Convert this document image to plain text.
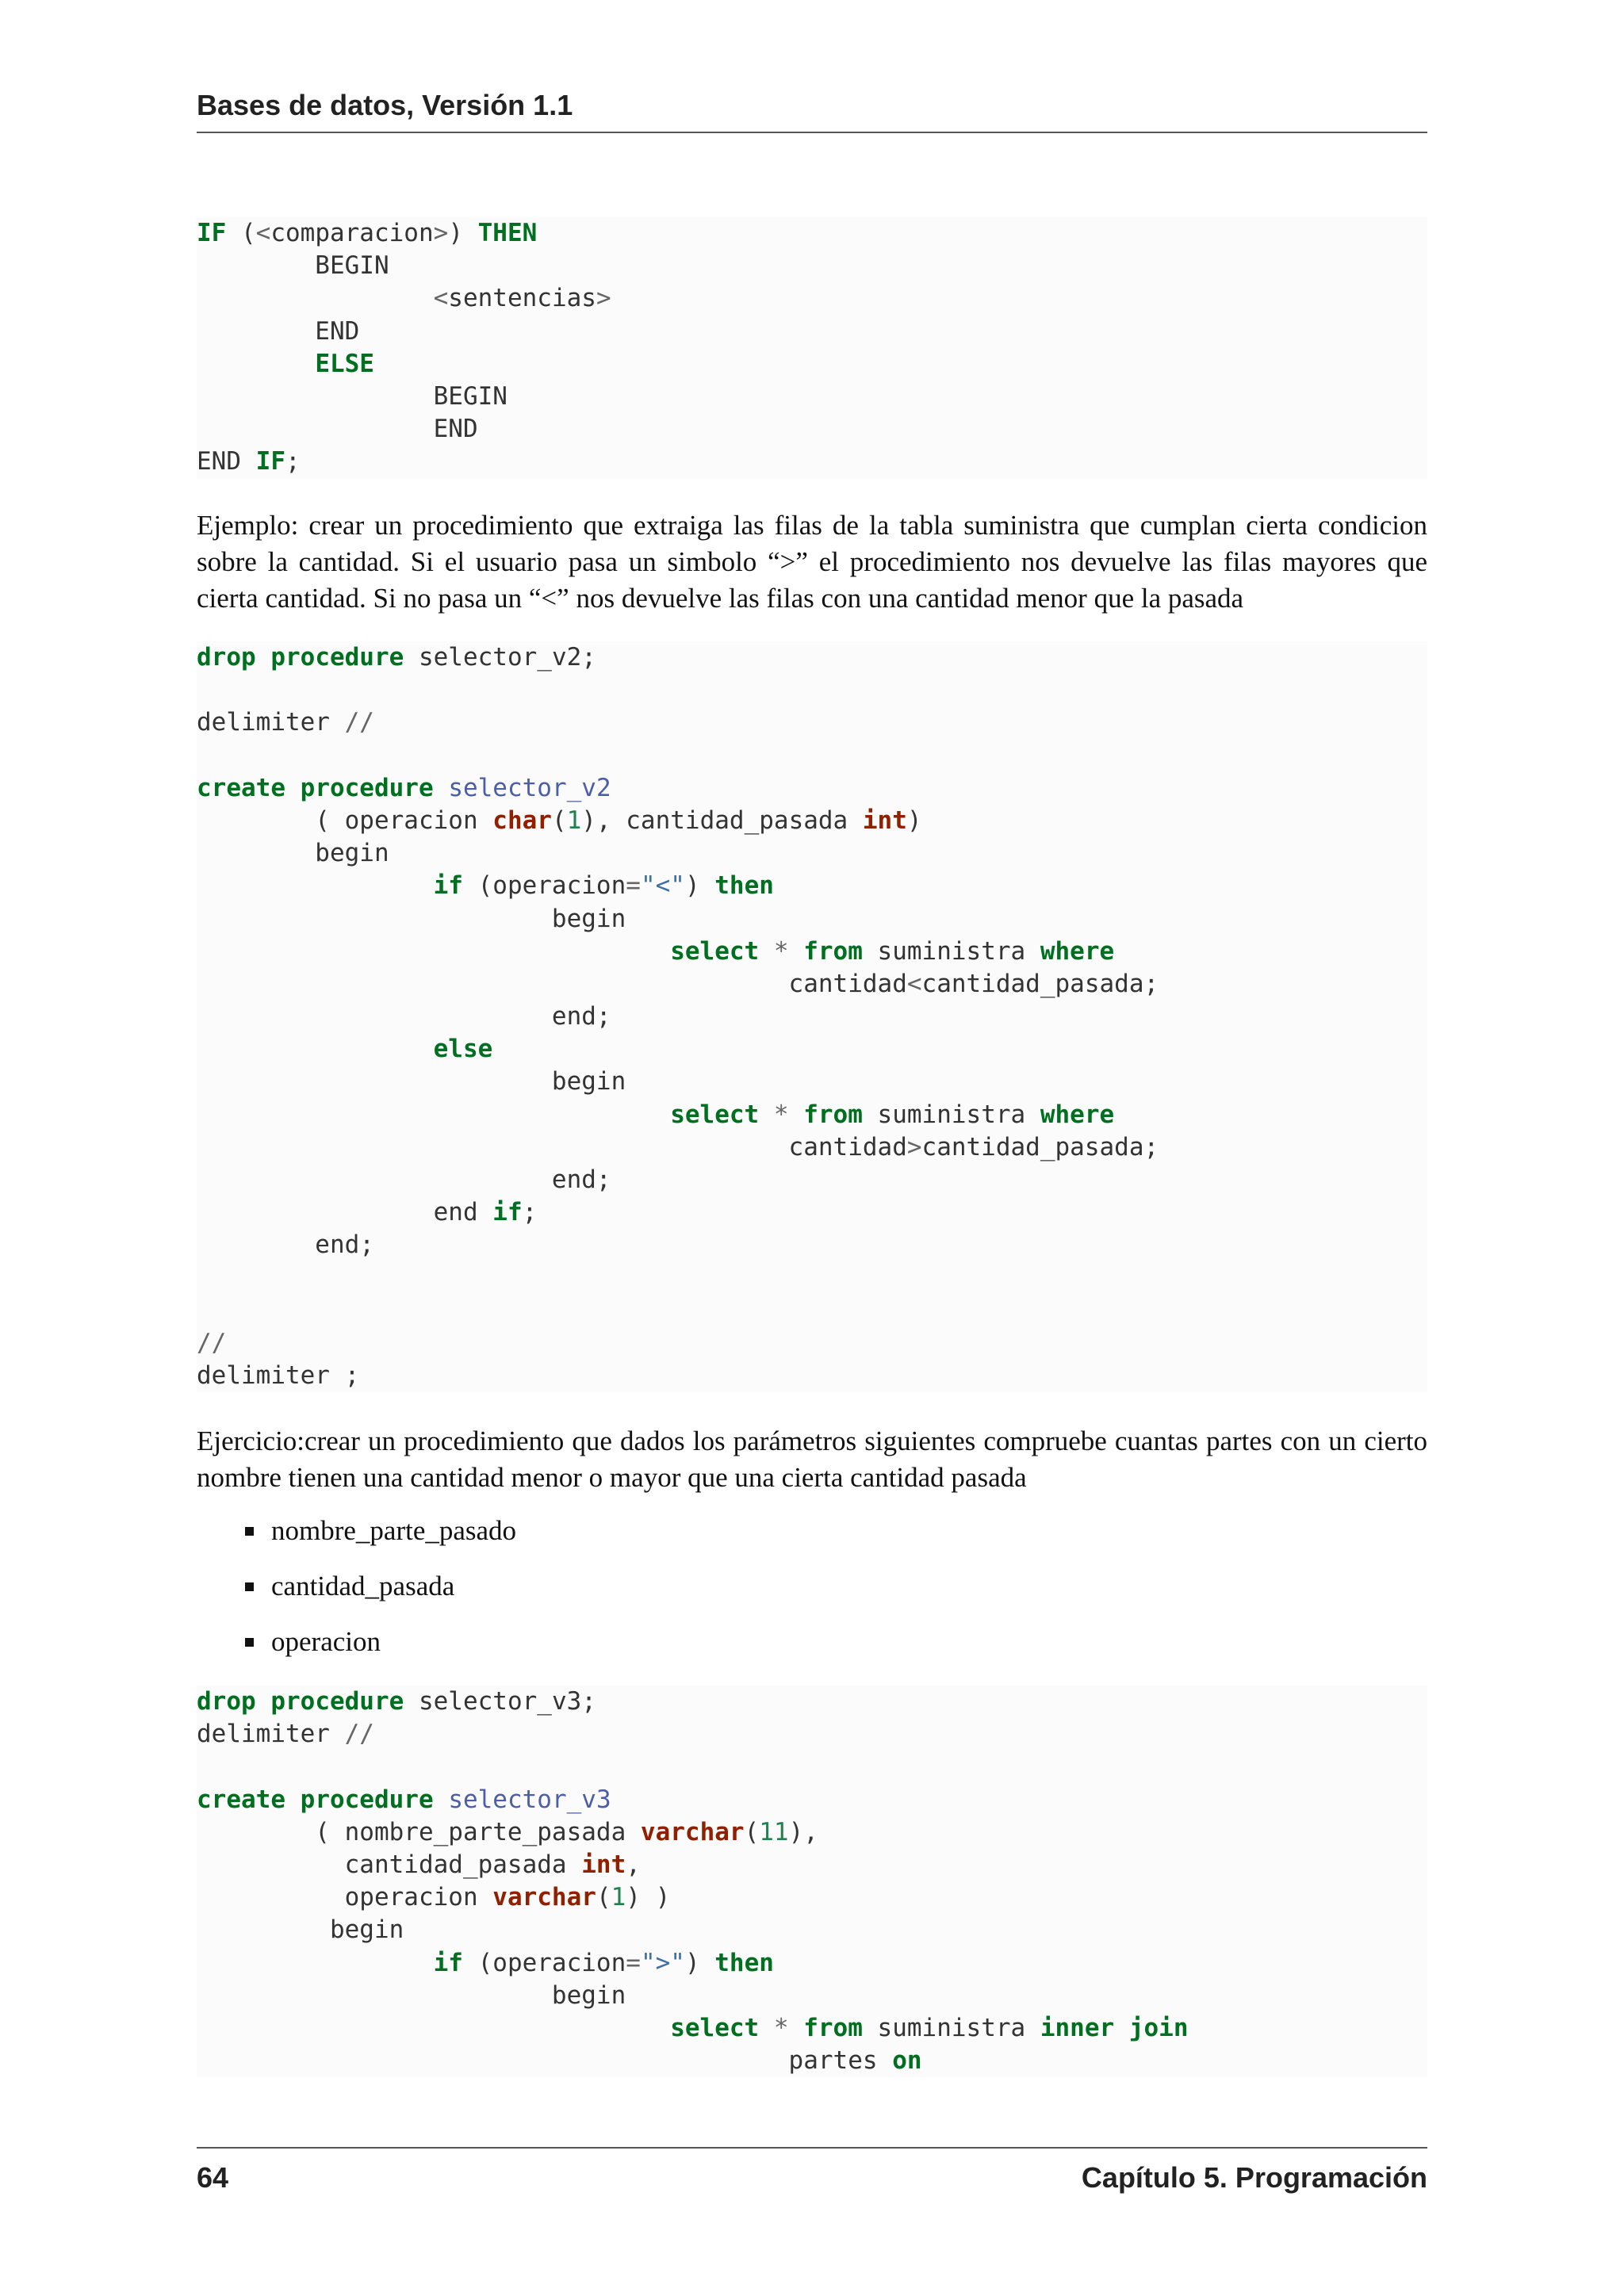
Bases de datos, Versión 1.1
IF (<comparacion>) THEN
BEGIN
<sentencias>
END
ELSE
BEGIN
END
END IF;

Ejemplo: crear un procedimiento que extraiga las filas de la tabla suministra que cumplan cierta condicion sobre la cantidad. Si el usuario pasa un simbolo “>” el procedimiento nos devuelve las filas mayores que cierta cantidad. Si no pasa un “<” nos devuelve las filas con una cantidad menor que la pasada

drop procedure selector_v2;
delimiter //
create procedure selector_v2
( operacion char(1), cantidad_pasada int)
begin
if (operacion="<") then
begin
select * from suministra where
cantidad<cantidad_pasada;
end;
else
begin
select * from suministra where
cantidad>cantidad_pasada;
end;
end if;
end;
//
delimiter ;

Ejercicio:crear un procedimiento que dados los parámetros siguientes compruebe cuantas partes con un cierto nombre tienen una cantidad menor o mayor que una cierta cantidad pasada

nombre_parte_pasado
cantidad_pasada
operacion
drop procedure selector_v3;
delimiter //
create procedure selector_v3
( nombre_parte_pasada varchar(11),
cantidad_pasada int,
operacion varchar(1) )
begin
if (operacion=">") then
begin
select * from suministra inner join
partes on
64	Capítulo 5. Programación
